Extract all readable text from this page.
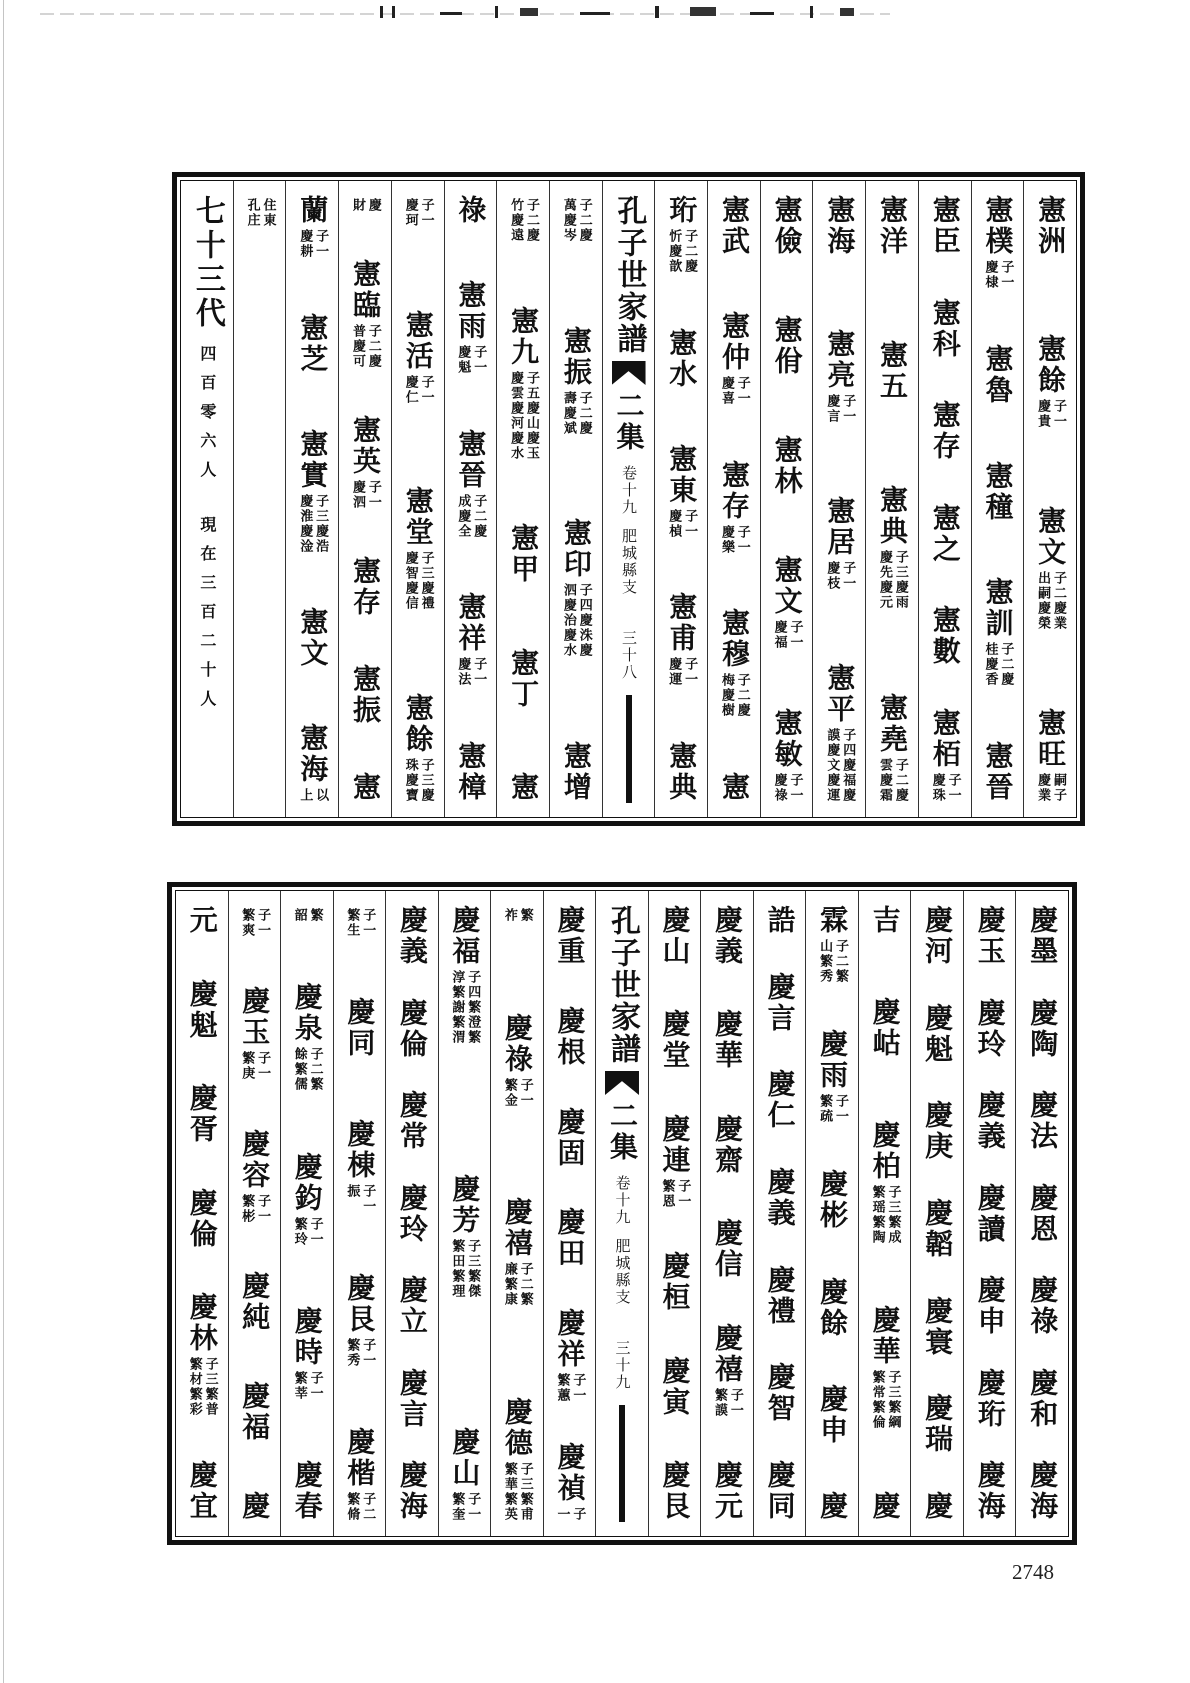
憲洲
憲餘
子一
慶貴
憲文
子二慶業
出嗣慶榮
憲旺
嗣子
慶業
憲樸
子一
慶棣
憲魯
憲穜
憲訓
子二慶
桂慶香
憲晉
憲臣
憲科
憲存
憲之
憲數
憲栢
子一
慶珠
憲洋
憲五
憲典
子三慶雨
慶先慶元
憲堯
子二慶
雲慶霜
憲海
憲亮
子一
慶言
憲居
子一
慶枝
憲平
子四慶福慶
謨慶文慶運
憲儉
憲佾
憲林
憲文
子一
慶福
憲敏
子一
慶祿
憲武
憲仲
子一
慶喜
憲存
子一
慶樂
憲穆
子二慶
梅慶樹
憲
珩
子二慶
忻慶歆
憲水
憲東
子一
慶楨
憲甫
子一
慶運
憲典
孔子世家譜
二集
卷十九
肥城縣支
三十八
子二慶
萬慶岑
憲振
子二慶
壽慶斌
憲印
子四慶洙慶
泗慶治慶水
憲增
子二慶
竹慶遠
憲九
子五慶山慶玉
慶雲慶河慶水
憲甲
憲丁
憲
祿
憲雨
子一
慶魁
憲晉
子二慶
成慶全
憲祥
子一
慶法
憲樟
子一
慶珂
憲活
子一
慶仁
憲堂
子三慶禮
慶智慶信
憲餘
子三慶
珠慶寶
慶
財
憲臨
子二慶
普慶可
憲英
子一
慶泗
憲存
憲振
憲
蘭
子一
慶耕
憲芝
憲實
子三慶浩
慶淮慶淦
憲文
憲海
以
上
住東
孔庄
七十三代
四百零六人
現在三百二十人
慶墨
慶陶
慶法
慶恩
慶祿
慶和
慶海
慶玉
慶玲
慶義
慶讀
慶申
慶珩
慶海
慶河
慶魁
慶庚
慶韜
慶寰
慶瑞
慶
吉
慶岵
慶柏
子三繁成
繁瑶繁陶
慶華
子三繁綱
繁常繁倫
慶
霖
子二繁
山繁秀
慶雨
子一
繁疏
慶彬
慶餘
慶申
慶
誥
慶言
慶仁
慶義
慶禮
慶智
慶同
慶義
慶華
慶齋
慶信
慶禧
子一
繁謨
慶元
慶山
慶堂
慶連
子一
繁恩
慶桓
慶寅
慶艮
孔子世家譜
二集
卷十九
肥城縣支
三十九
慶重
慶根
慶固
慶田
慶祥
子一
繁蕙
慶禎
子
一
繁
祚
慶祿
子一
繁金
慶禧
子二繁
廉繁康
慶德
子三繁甫
繁華繁英
慶福
子四繁澄繁
淳繁謝繁渭
慶芳
子三繁傑
繁田繁理
慶山
子一
繁奎
慶義
慶倫
慶常
慶玲
慶立
慶言
慶海
子一
繁生
慶同
慶棟
子一
振
慶艮
子一
繁秀
慶楷
子二
繁脩
繁
韶
慶泉
子二繁
餘繁儒
慶鈞
子一
繁玲
慶時
子一
繁莘
慶春
子一
繁爽
慶玉
子一
繁庚
慶容
子一
繁彬
慶純
慶福
慶
元
慶魁
慶胥
慶倫
慶林
子三繁普
繁材繁彩
慶宜
2748
